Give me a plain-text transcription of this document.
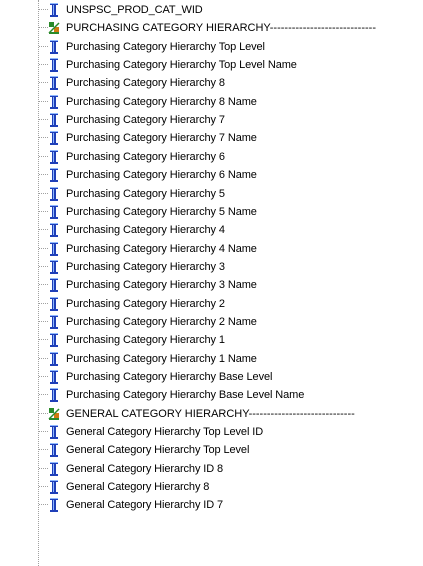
UNSPSC_PROD_CAT_WID
PURCHASING CATEGORY HIERARCHY-----------------------------
Purchasing Category Hierarchy Top Level
Purchasing Category Hierarchy Top Level Name
Purchasing Category Hierarchy 8
Purchasing Category Hierarchy 8 Name
Purchasing Category Hierarchy 7
Purchasing Category Hierarchy 7 Name
Purchasing Category Hierarchy 6
Purchasing Category Hierarchy 6 Name
Purchasing Category Hierarchy 5
Purchasing Category Hierarchy 5 Name
Purchasing Category Hierarchy 4
Purchasing Category Hierarchy 4 Name
Purchasing Category Hierarchy 3
Purchasing Category Hierarchy 3 Name
Purchasing Category Hierarchy 2
Purchasing Category Hierarchy 2 Name
Purchasing Category Hierarchy 1
Purchasing Category Hierarchy 1 Name
Purchasing Category Hierarchy Base Level
Purchasing Category Hierarchy Base Level Name
GENERAL CATEGORY HIERARCHY-----------------------------
General Category Hierarchy Top Level ID
General Category Hierarchy Top Level
General Category Hierarchy ID 8
General Category Hierarchy 8
General Category Hierarchy ID 7
